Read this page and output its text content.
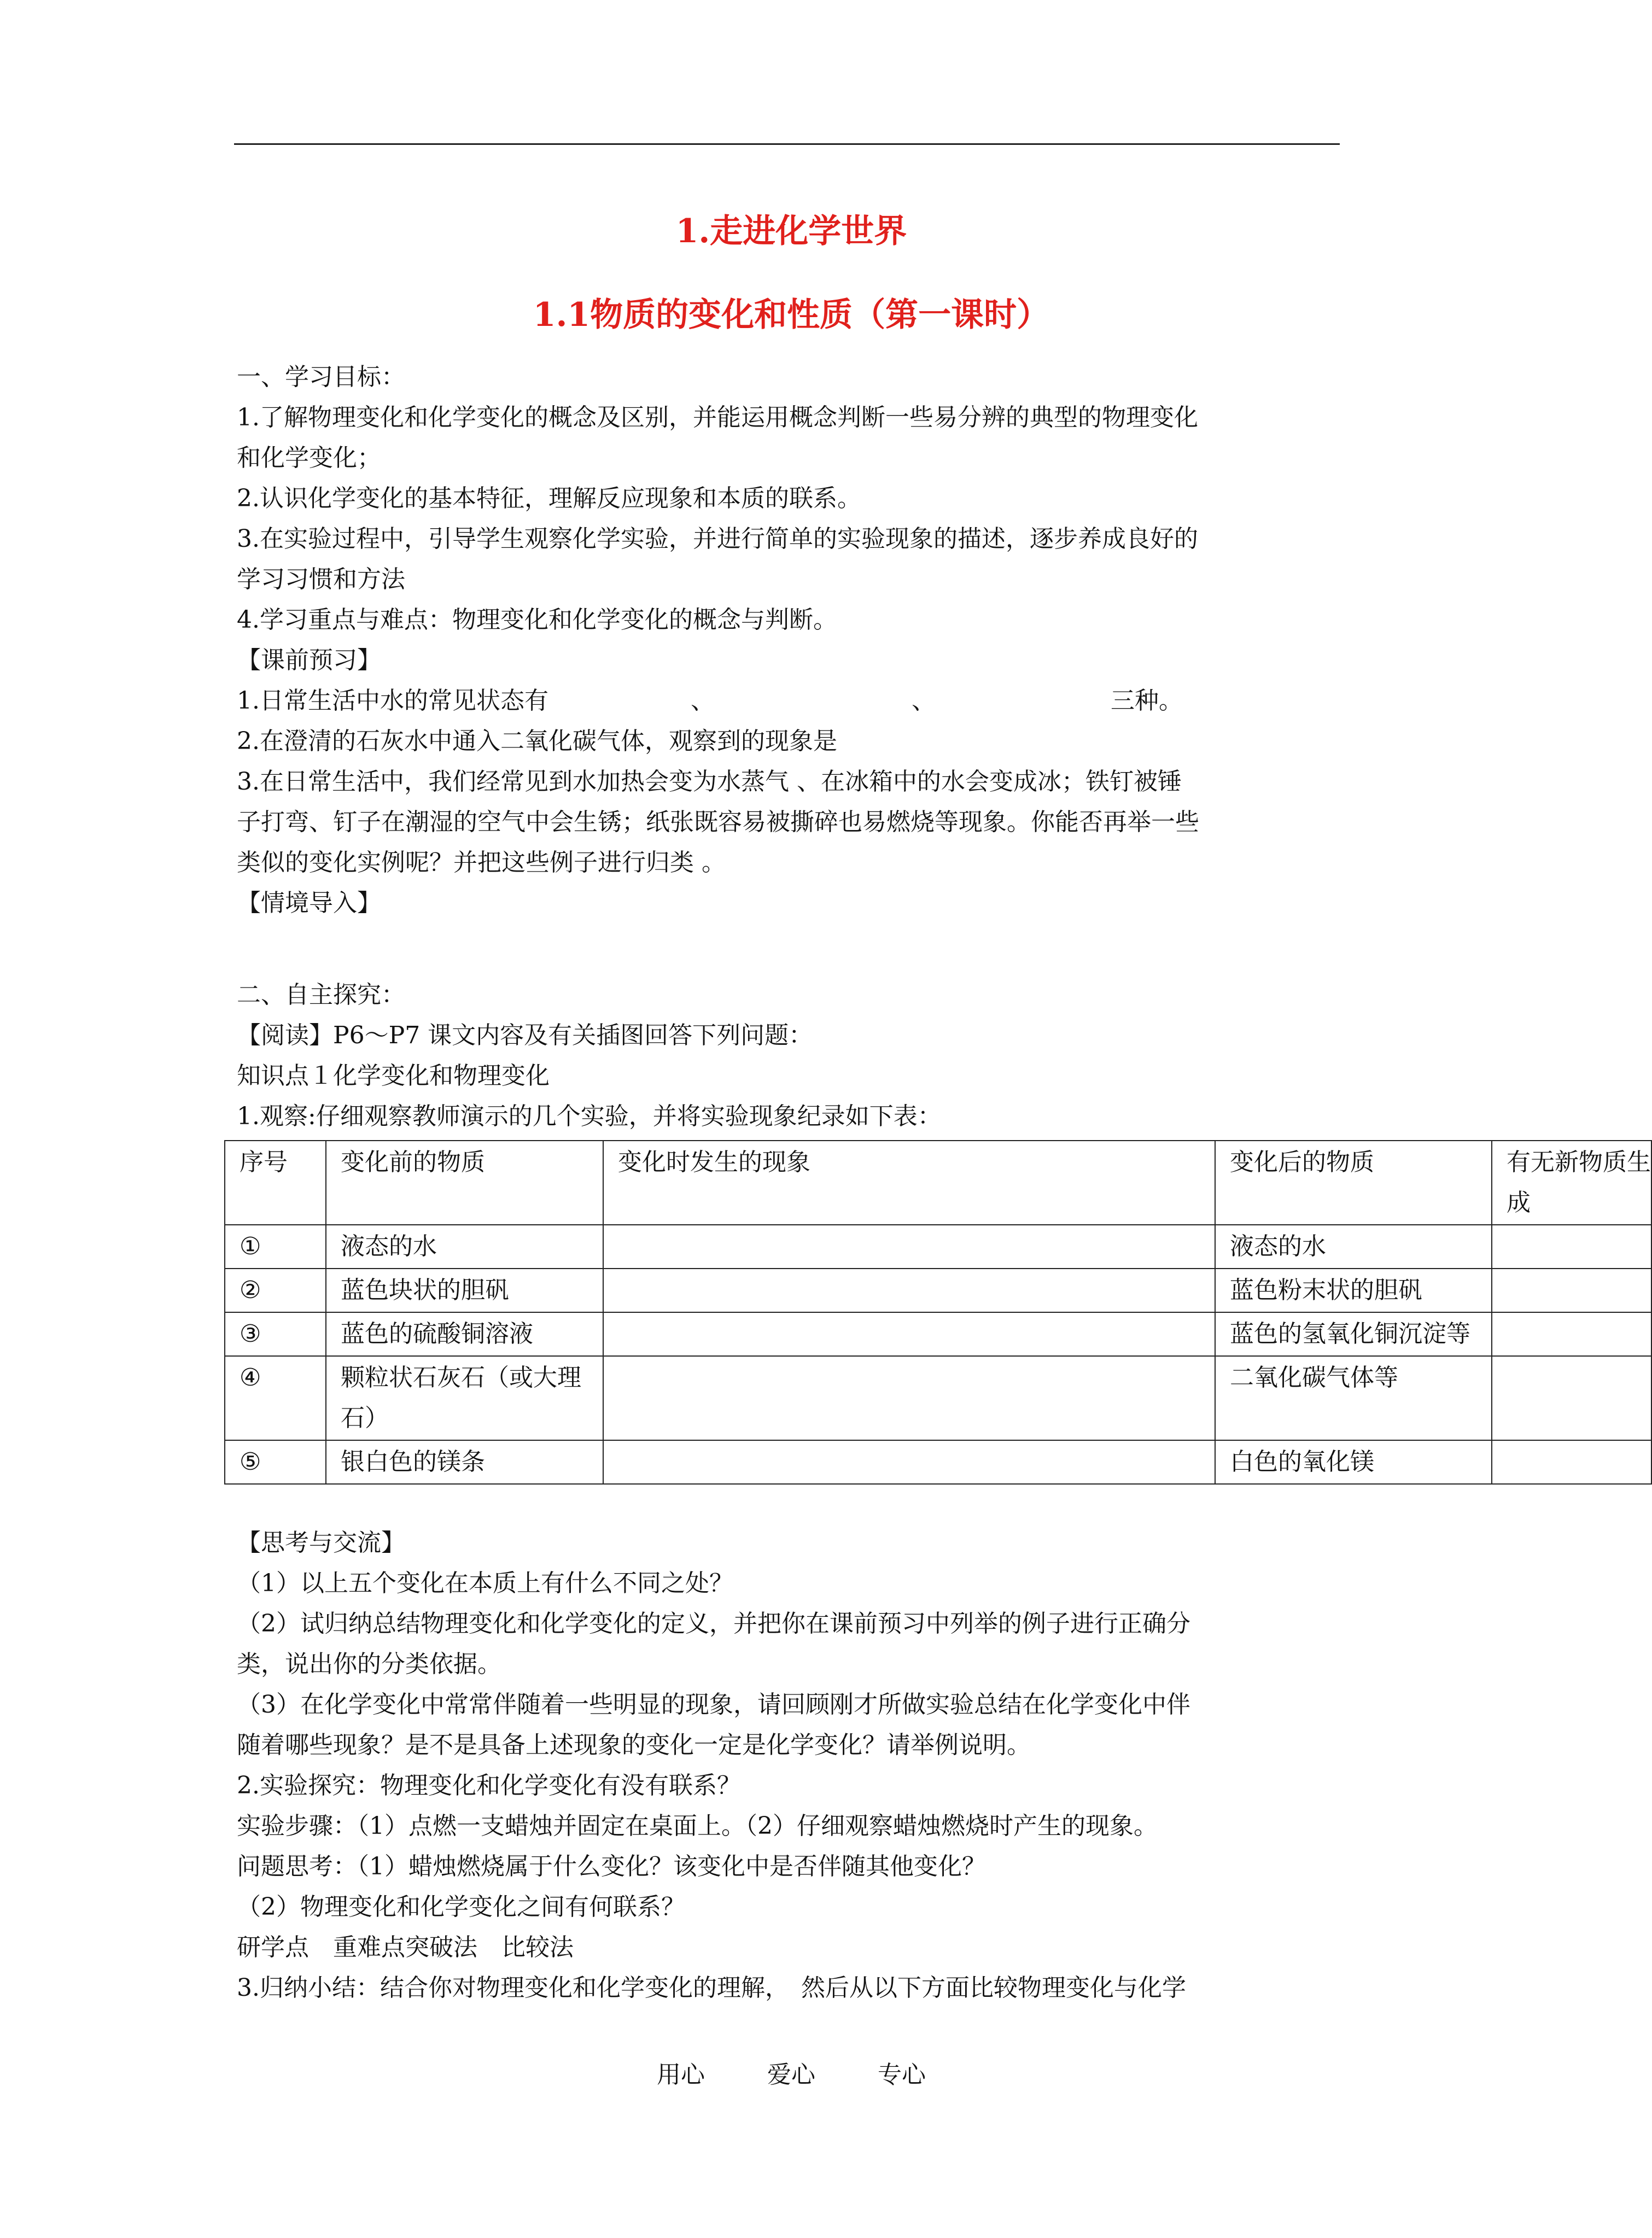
1.走进化学世界
1.1物质的变化和性质（第一课时）
一、学习目标：
1.了解物理变化和化学变化的概念及区别，并能运用概念判断一些易分辨的典型的物理变化
和化学变化；
2.认识化学变化的基本特征，理解反应现象和本质的联系。
3.在实验过程中，引导学生观察化学实验，并进行简单的实验现象的描述，逐步养成良好的
学习习惯和方法
4.学习重点与难点：物理变化和化学变化的概念与判断。
【课前预习】
1.日常生活中水的常见状态有	、	、	三种。
2.在澄清的石灰水中通入二氧化碳气体，观察到的现象是
3.在日常生活中，我们经常见到水加热会变为水蒸气 、在冰箱中的水会变成冰；铁钉被锤
子打弯、钉子在潮湿的空气中会生锈；纸张既容易被撕碎也易燃烧等现象。你能否再举一些
类似的变化实例呢？并把这些例子进行归类 。
【情境导入】
二、自主探究：
【阅读】P6～P7 课文内容及有关插图回答下列问题：
知识点１化学变化和物理变化
1.观察:仔细观察教师演示的几个实验，并将实验现象纪录如下表：
序号	变化前的物质	变化时发生的现象	变化后的物质	有无新物质生成
①	液态的水		液态的水	
②	蓝色块状的胆矾		蓝色粉末状的胆矾	
③	蓝色的硫酸铜溶液		蓝色的氢氧化铜沉淀等	
④	颗粒状石灰石（或大理石）		二氧化碳气体等	
⑤	银白色的镁条		白色的氧化镁	
【思考与交流】
（1）以上五个变化在本质上有什么不同之处？
（2）试归纳总结物理变化和化学变化的定义，并把你在课前预习中列举的例子进行正确分
类，说出你的分类依据。
（3）在化学变化中常常伴随着一些明显的现象，请回顾刚才所做实验总结在化学变化中伴
随着哪些现象？是不是具备上述现象的变化一定是化学变化？请举例说明。
2.实验探究：物理变化和化学变化有没有联系？
实验步骤：（1）点燃一支蜡烛并固定在桌面上。（2）仔细观察蜡烛燃烧时产生的现象。
问题思考：（1）蜡烛燃烧属于什么变化？该变化中是否伴随其他变化？
（2）物理变化和化学变化之间有何联系？
研学点　重难点突破法　比较法
3.归纳小结：结合你对物理变化和化学变化的理解，　然后从以下方面比较物理变化与化学
用心	爱心	专心
